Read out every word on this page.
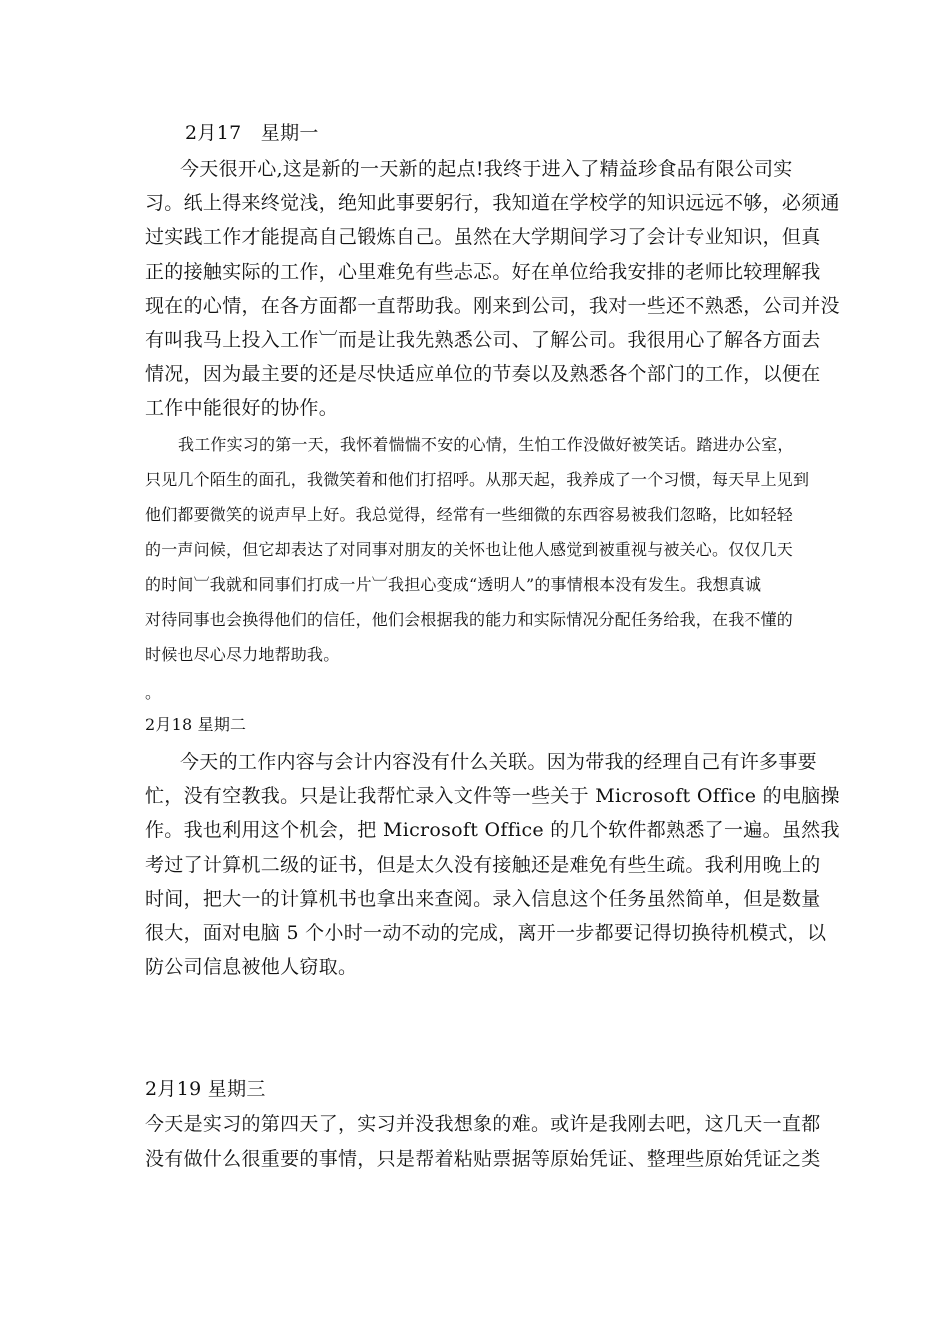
2月17　星期一

今天很开心,这是新的一天新的起点!我终于进入了精益珍食品有限公司实

习。纸上得来终觉浅，绝知此事要躬行，我知道在学校学的知识远远不够，必须通

过实践工作才能提高自己锻炼自己。虽然在大学期间学习了会计专业知识，但真

正的接触实际的工作，心里难免有些忐忑。好在单位给我安排的老师比较理解我

现在的心情，在各方面都一直帮助我。刚来到公司，我对一些还不熟悉，公司并没

有叫我马上投入工作︺而是让我先熟悉公司、了解公司。我很用心了解各方面去

情况，因为最主要的还是尽快适应单位的节奏以及熟悉各个部门的工作，以便在

工作中能很好的协作。

我工作实习的第一天，我怀着惴惴不安的心情，生怕工作没做好被笑话。踏进办公室，

只见几个陌生的面孔，我微笑着和他们打招呼。从那天起，我养成了一个习惯，每天早上见到

他们都要微笑的说声早上好。我总觉得，经常有一些细微的东西容易被我们忽略，比如轻轻

的一声问候，但它却表达了对同事对朋友的关怀也让他人感觉到被重视与被关心。仅仅几天

的时间︺我就和同事们打成一片︺我担心变成“透明人”的事情根本没有发生。我想真诚

对待同事也会换得他们的信任，他们会根据我的能力和实际情况分配任务给我，在我不懂的

时候也尽心尽力地帮助我。

。

2月18 星期二

今天的工作内容与会计内容没有什么关联。因为带我的经理自己有许多事要

忙，没有空教我。只是让我帮忙录入文件等一些关于 Microsoft Office 的电脑操

作。我也利用这个机会，把 Microsoft Office 的几个软件都熟悉了一遍。虽然我

考过了计算机二级的证书，但是太久没有接触还是难免有些生疏。我利用晚上的

时间，把大一的计算机书也拿出来查阅。录入信息这个任务虽然简单，但是数量

很大，面对电脑 5 个小时一动不动的完成，离开一步都要记得切换待机模式，以

防公司信息被他人窃取。

2月19 星期三

今天是实习的第四天了，实习并没我想象的难。或许是我刚去吧，这几天一直都

没有做什么很重要的事情，只是帮着粘贴票据等原始凭证、整理些原始凭证之类
